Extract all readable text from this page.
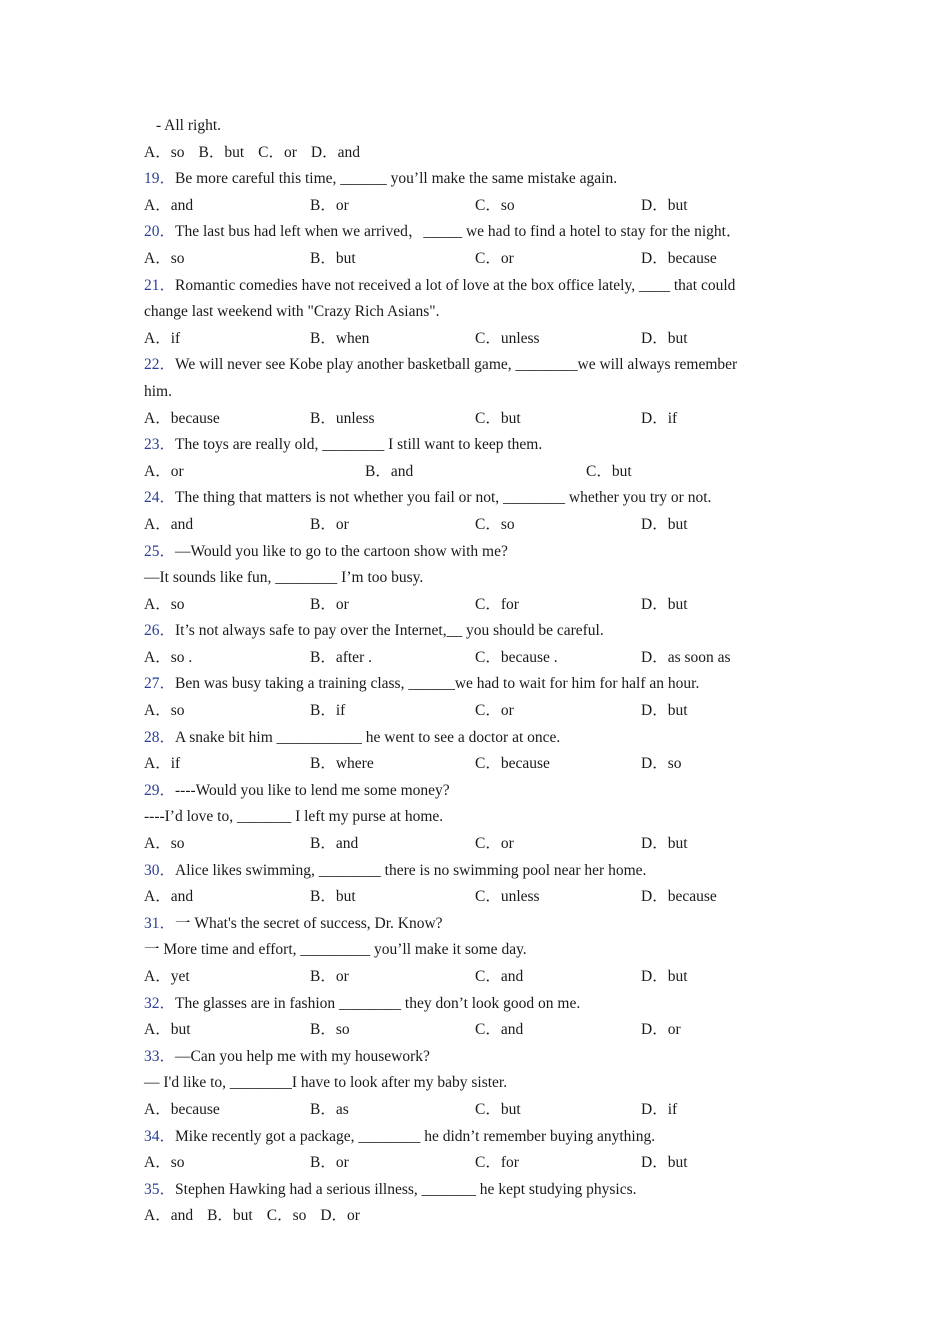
- All right.
A．so B．but C．or D．and
19．Be more careful this time, ______ you’ll make the same mistake again.
A．and	B．or	C．so	D．but
20．The last bus had left when we arrived，_____ we had to find a hotel to stay for the night．
A．so	B．but	C．or	D．because
21．Romantic comedies have not received a lot of love at the box office lately, ____ that could
change last weekend with "Crazy Rich Asians".
A．if	B．when	C．unless	D．but
22．We will never see Kobe play another basketball game, ________we will always remember
him.
A．because	B．unless	C．but	D．if
23．The toys are really old, ________ I still want to keep them.
A．or	B．and	C．but
24．The thing that matters is not whether you fail or not, ________ whether you try or not.
A．and	B．or	C．so	D．but
25．—Would you like to go to the cartoon show with me?
—It sounds like fun, ________ I’m too busy.
A．so	B．or	C．for	D．but
26．It’s not always safe to pay over the Internet,__ you should be careful.
A．so .	B．after .	C．because .	D．as soon as
27．Ben was busy taking a training class, ______we had to wait for him for half an hour.
A．so	B．if	C．or	D．but
28．A snake bit him ___________ he went to see a doctor at once.
A．if	B．where	C．because	D．so
29．----Would you like to lend me some money?
----I’d love to, _______ I left my purse at home.
A．so	B．and	C．or	D．but
30．Alice likes swimming, ________ there is no swimming pool near her home.
A．and	B．but	C．unless	D．because
31．一 What's the secret of success, Dr. Know?
一 More time and effort, _________ you’ll make it some day.
A．yet	B．or	C．and	D．but
32．The glasses are in fashion ________ they don’t look good on me.
A．but	B．so	C．and	D．or
33．—Can you help me with my housework?
— I'd like to, ________I have to look after my baby sister.
A．because	B．as	C．but	D．if
34．Mike recently got a package, ________ he didn’t remember buying anything.
A．so	B．or	C．for	D．but
35．Stephen Hawking had a serious illness, _______ he kept studying physics.
A．and B．but C．so D．or
